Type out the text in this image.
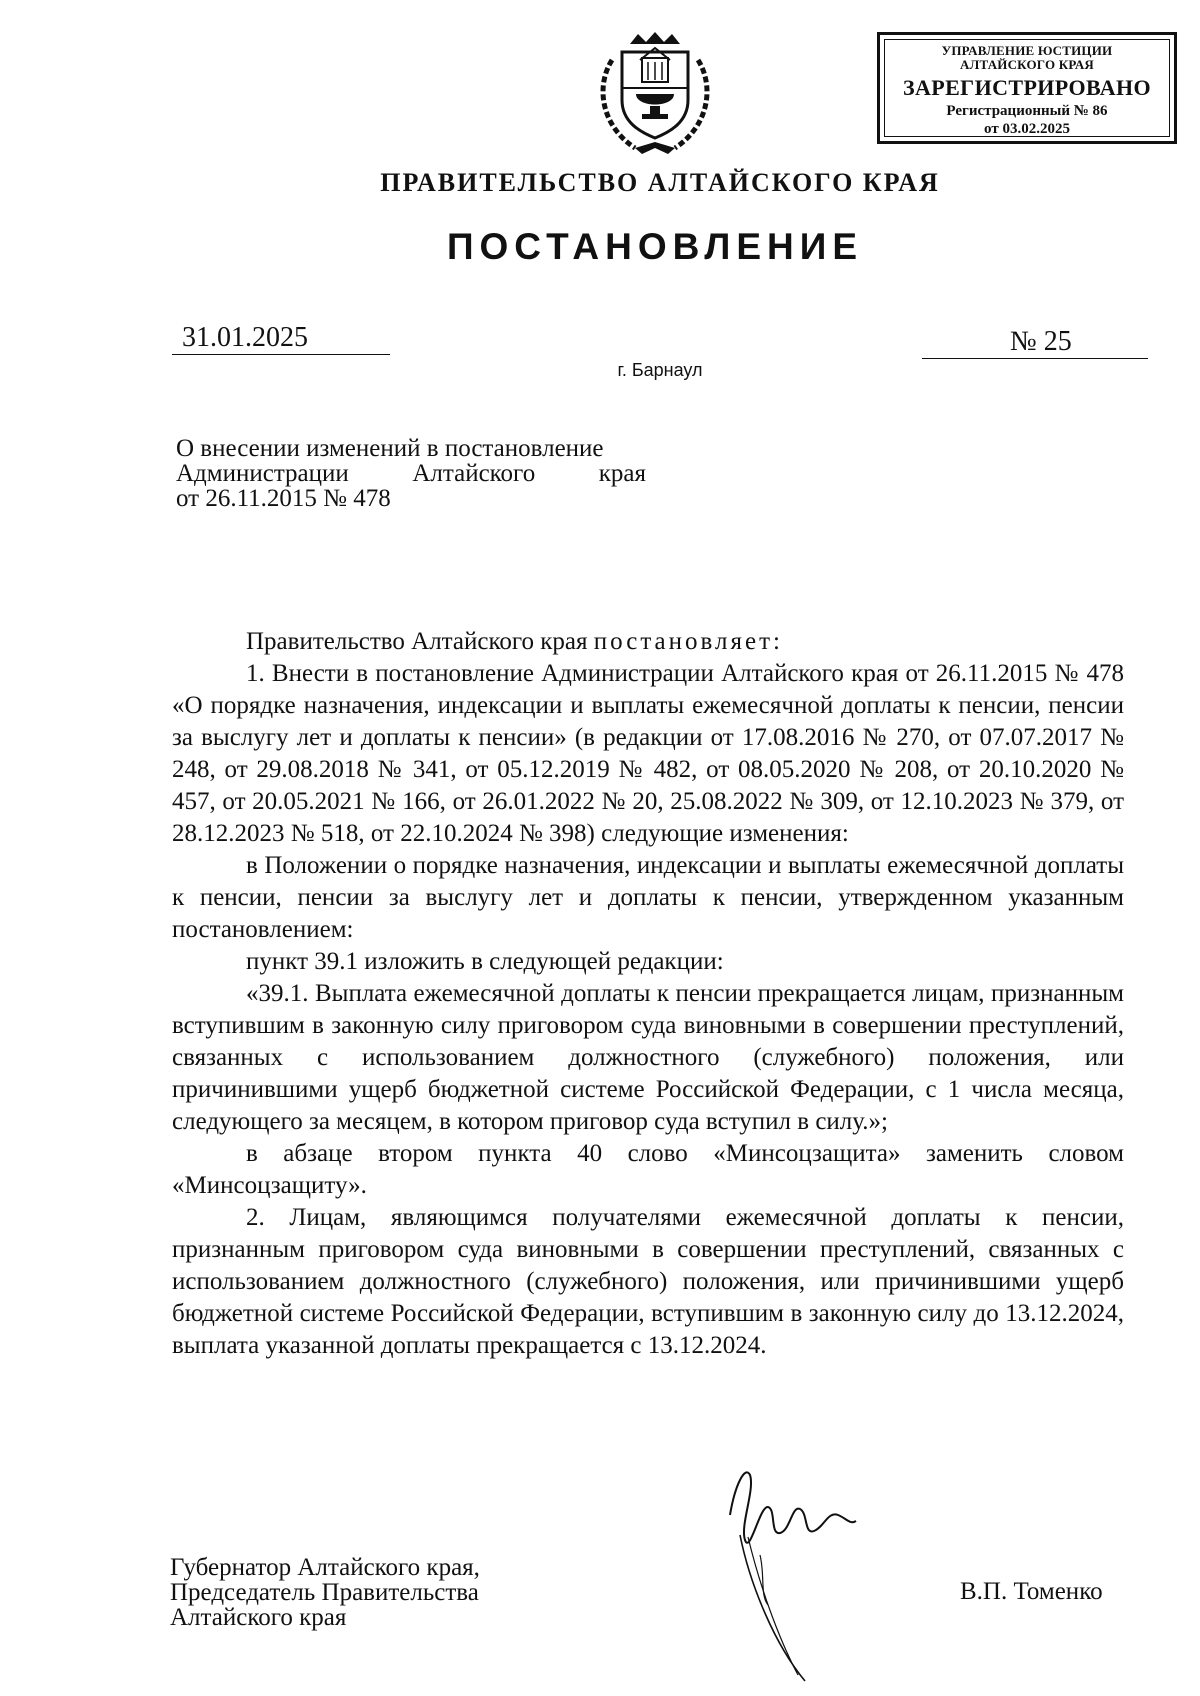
УПРАВЛЕНИЕ ЮСТИЦИИ
АЛТАЙСКОГО КРАЯ
ЗАРЕГИСТРИРОВАНО
Регистрационный № 86
от 03.02.2025
ПРАВИТЕЛЬСТВО АЛТАЙСКОГО КРАЯ
ПОСТАНОВЛЕНИЕ
31.01.2025
г. Барнаул
№ 25
О внесении изменений в постановление
Администрации     Алтайского     края
от 26.11.2015 № 478

Правительство Алтайского края постановляет:

1. Внести в постановление Администрации Алтайского края от 26.11.2015 № 478 «О порядке назначения, индексации и выплаты ежемесячной доплаты к пенсии, пенсии за выслугу лет и доплаты к пенсии» (в редакции от 17.08.2016 № 270, от 07.07.2017 № 248, от 29.08.2018 № 341, от 05.12.2019 № 482, от 08.05.2020 № 208, от 20.10.2020 № 457, от 20.05.2021 № 166, от 26.01.2022 № 20, 25.08.2022 № 309, от 12.10.2023 № 379, от 28.12.2023 № 518, от 22.10.2024 № 398) следующие изменения:

в Положении о порядке назначения, индексации и выплаты ежемесячной доплаты к пенсии, пенсии за выслугу лет и доплаты к пенсии, утвержденном указанным постановлением:

пункт 39.1 изложить в следующей редакции:

«39.1. Выплата ежемесячной доплаты к пенсии прекращается лицам, признанным вступившим в законную силу приговором суда виновными в совершении преступлений, связанных с использованием должностного (служебного) положения, или причинившими ущерб бюджетной системе Российской Федерации, с 1 числа месяца, следующего за месяцем, в котором приговор суда вступил в силу.»;

в абзаце втором пункта 40 слово «Минсоцзащита» заменить словом «Минсоцзащиту».

2. Лицам, являющимся получателями ежемесячной доплаты к пенсии, признанным приговором суда виновными в совершении преступлений, связанных с использованием должностного (служебного) положения, или причинившими ущерб бюджетной системе Российской Федерации, вступившим в законную силу до 13.12.2024, выплата указанной доплаты прекращается с 13.12.2024.

Губернатор Алтайского края,
Председатель Правительства
Алтайского края
В.П. Томенко
